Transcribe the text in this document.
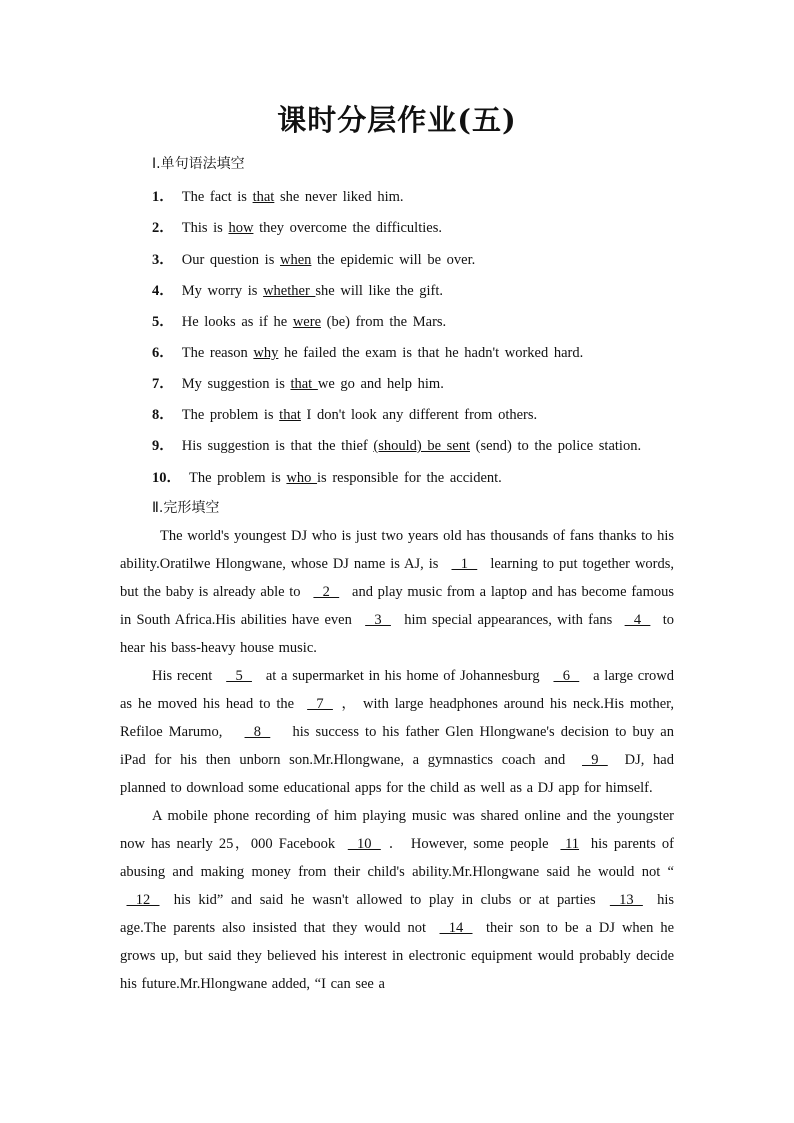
课时分层作业(五)
Ⅰ.单句语法填空
1． The fact is that she never liked him.
2． This is how they overcome the difficulties.
3． Our question is when the epidemic will be over.
4． My worry is whether she will like the gift.
5． He looks as if he were (be) from the Mars.
6． The reason why he failed the exam is that he hadn't worked hard.
7． My suggestion is that we go and help him.
8． The problem is that I don't look any different from others.
9． His suggestion is that the thief (should) be sent (send) to the police station.
10． The problem is who is responsible for the accident.
Ⅱ.完形填空

The world's youngest DJ who is just two years old has thousands of fans thanks to his ability.Oratilwe Hlongwane, whose DJ name is AJ, is   1   learning to put together words, but the baby is already able to   2   and play music from a laptop and has become famous in South Africa.His abilities have even   3   him special appearances, with fans   4   to hear his bass-heavy house music.

His recent   5   at a supermarket in his home of Johannesburg   6   a large crowd as he moved his head to the   7  ， with large headphones around his neck.His mother, Refiloe Marumo,   8   his success to his father Glen Hlongwane's decision to buy an iPad for his then unborn son.Mr.Hlongwane, a gymnastics coach and   9   DJ, had planned to download some educational apps for the child as well as a DJ app for himself.

A mobile phone recording of him playing music was shared online and the youngster now has nearly 25，000 Facebook   10  ． However, some people  11 his parents of abusing and making money from their child's ability.Mr.Hlongwane said he would not “  12   his kid” and said he wasn't allowed to play in clubs or at parties   13   his age.The parents also insisted that they would not   14   their son to be a DJ when he grows up, but said they believed his interest in electronic equipment would probably decide his future.Mr.Hlongwane added, “I can see a
